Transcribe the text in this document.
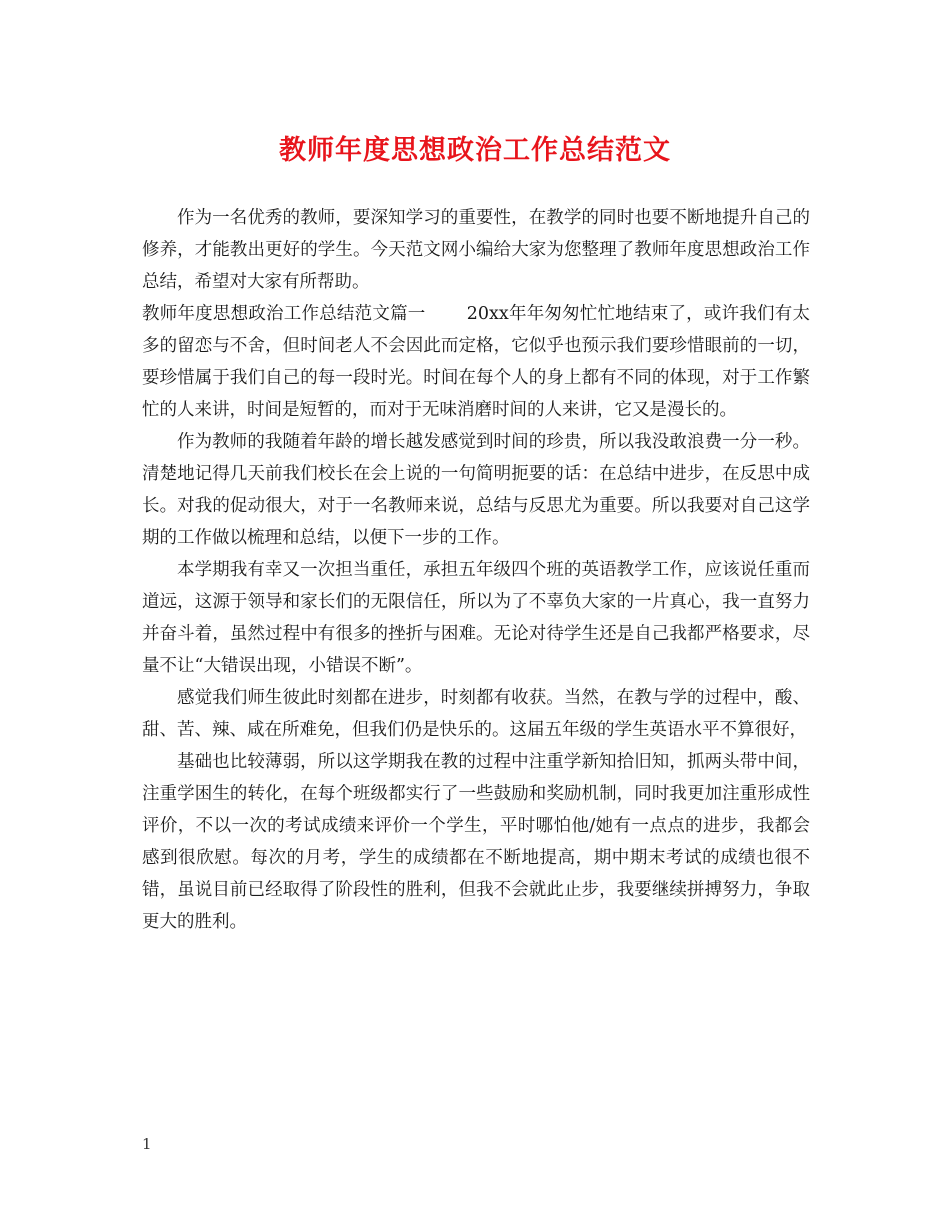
教师年度思想政治工作总结范文

作为一名优秀的教师，要深知学习的重要性，在教学的同时也要不断地提升自己的修养，才能教出更好的学生。今天范文网小编给大家为您整理了教师年度思想政治工作总结，希望对大家有所帮助。

教师年度思想政治工作总结范文篇一　　 20xx年年匆匆忙忙地结束了，或许我们有太多的留恋与不舍，但时间老人不会因此而定格，它似乎也预示我们要珍惜眼前的一切，要珍惜属于我们自己的每一段时光。时间在每个人的身上都有不同的体现，对于工作繁忙的人来讲，时间是短暂的，而对于无味消磨时间的人来讲，它又是漫长的。

作为教师的我随着年龄的增长越发感觉到时间的珍贵，所以我没敢浪费一分一秒。清楚地记得几天前我们校长在会上说的一句简明扼要的话：在总结中进步，在反思中成长。对我的促动很大，对于一名教师来说，总结与反思尤为重要。所以我要对自己这学期的工作做以梳理和总结，以便下一步的工作。

本学期我有幸又一次担当重任，承担五年级四个班的英语教学工作，应该说任重而道远，这源于领导和家长们的无限信任，所以为了不辜负大家的一片真心，我一直努力并奋斗着，虽然过程中有很多的挫折与困难。无论对待学生还是自己我都严格要求，尽量不让“大错误出现，小错误不断”。

感觉我们师生彼此时刻都在进步，时刻都有收获。当然，在教与学的过程中，酸、甜、苦、辣、咸在所难免，但我们仍是快乐的。这届五年级的学生英语水平不算很好，

基础也比较薄弱，所以这学期我在教的过程中注重学新知拾旧知，抓两头带中间，注重学困生的转化，在每个班级都实行了一些鼓励和奖励机制，同时我更加注重形成性评价，不以一次的考试成绩来评价一个学生，平时哪怕他/她有一点点的进步，我都会感到很欣慰。每次的月考，学生的成绩都在不断地提高，期中期末考试的成绩也很不错，虽说目前已经取得了阶段性的胜利，但我不会就此止步，我要继续拼搏努力，争取更大的胜利。

1
